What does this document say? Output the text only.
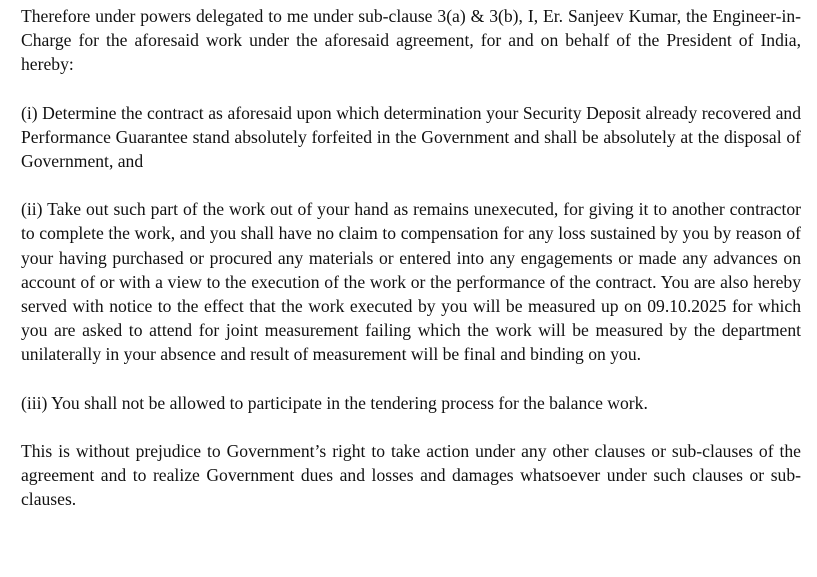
Therefore under powers delegated to me under sub-clause 3(a) & 3(b), I, Er. Sanjeev Kumar, the Engineer-in-Charge for the aforesaid work under the aforesaid agreement, for and on behalf of the President of India, hereby:

(i) Determine the contract as aforesaid upon which determination your Security Deposit already recovered and Performance Guarantee stand absolutely forfeited in the Government and shall be absolutely at the disposal of Government, and

(ii) Take out such part of the work out of your hand as remains unexecuted, for giving it to another contractor to complete the work, and you shall have no claim to compensation for any loss sustained by you by reason of your having purchased or procured any materials or entered into any engagements or made any advances on account of or with a view to the execution of the work or the performance of the contract. You are also hereby served with notice to the effect that the work executed by you will be measured up on 09.10.2025 for which you are asked to attend for joint measurement failing which the work will be measured by the department unilaterally in your absence and result of measurement will be final and binding on you.

(iii) You shall not be allowed to participate in the tendering process for the balance work.

This is without prejudice to Government’s right to take action under any other clauses or sub-clauses of the agreement and to realize Government dues and losses and damages whatsoever under such clauses or sub-clauses.
